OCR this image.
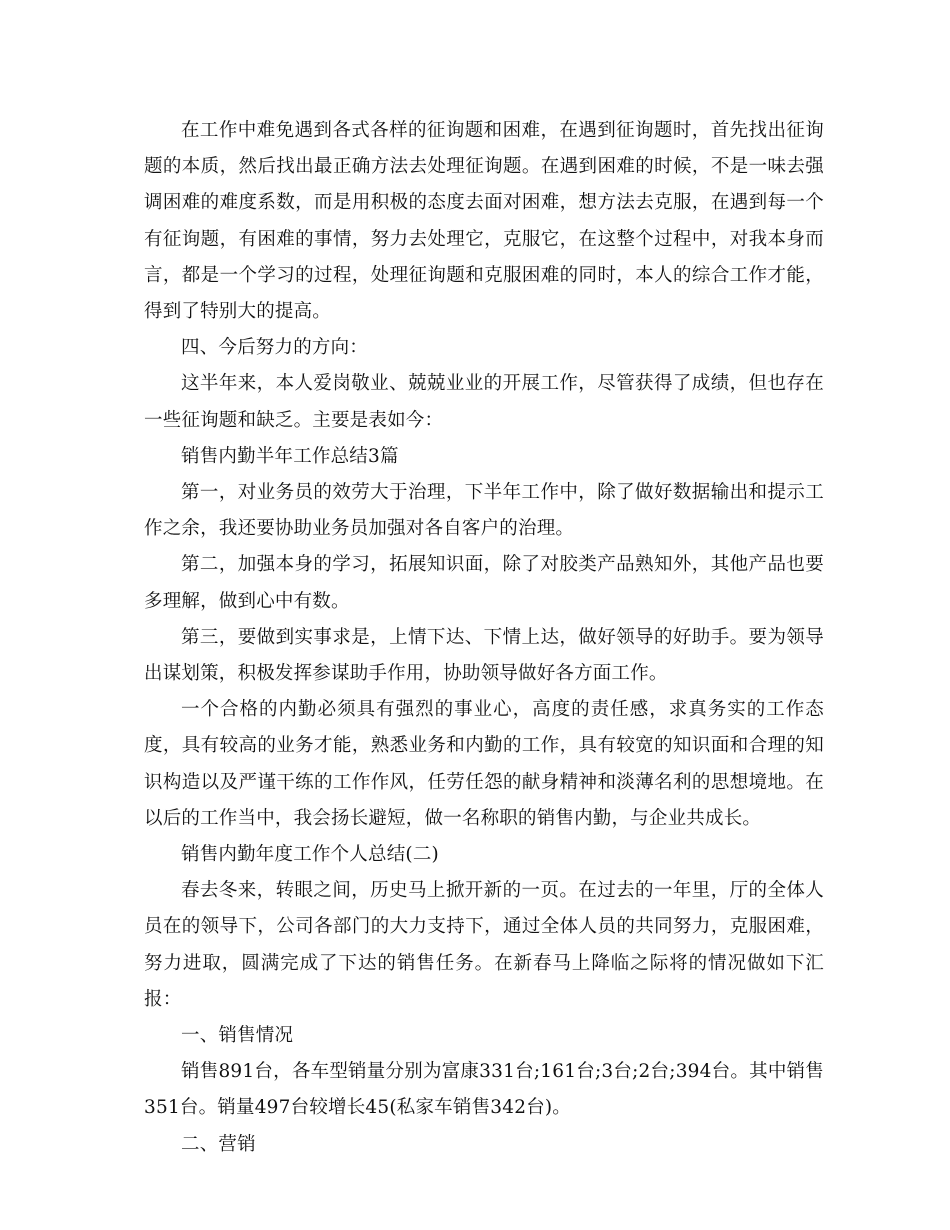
在工作中难免遇到各式各样的征询题和困难，在遇到征询题时，首先找出征询题的本质，然后找出最正确方法去处理征询题。在遇到困难的时候，不是一味去强调困难的难度系数，而是用积极的态度去面对困难，想方法去克服，在遇到每一个有征询题，有困难的事情，努力去处理它，克服它，在这整个过程中，对我本身而言，都是一个学习的过程，处理征询题和克服困难的同时，本人的综合工作才能，得到了特别大的提高。

四、今后努力的方向：

这半年来，本人爱岗敬业、兢兢业业的开展工作，尽管获得了成绩，但也存在一些征询题和缺乏。主要是表如今：

销售内勤半年工作总结3篇

第一，对业务员的效劳大于治理，下半年工作中，除了做好数据输出和提示工作之余，我还要协助业务员加强对各自客户的治理。

第二，加强本身的学习，拓展知识面，除了对胶类产品熟知外，其他产品也要多理解，做到心中有数。

第三，要做到实事求是，上情下达、下情上达，做好领导的好助手。要为领导出谋划策，积极发挥参谋助手作用，协助领导做好各方面工作。

一个合格的内勤必须具有强烈的事业心，高度的责任感，求真务实的工作态度，具有较高的业务才能，熟悉业务和内勤的工作，具有较宽的知识面和合理的知识构造以及严谨干练的工作作风，任劳任怨的献身精神和淡薄名利的思想境地。在以后的工作当中，我会扬长避短，做一名称职的销售内勤，与企业共成长。

销售内勤年度工作个人总结(二)

春去冬来，转眼之间，历史马上掀开新的一页。在过去的一年里，厅的全体人员在的领导下，公司各部门的大力支持下，通过全体人员的共同努力，克服困难，努力进取，圆满完成了下达的销售任务。在新春马上降临之际将的情况做如下汇报：

一、销售情况

销售891台，各车型销量分别为富康331台;161台;3台;2台;394台。其中销售351台。销量497台较增长45(私家车销售342台)。

二、营销
